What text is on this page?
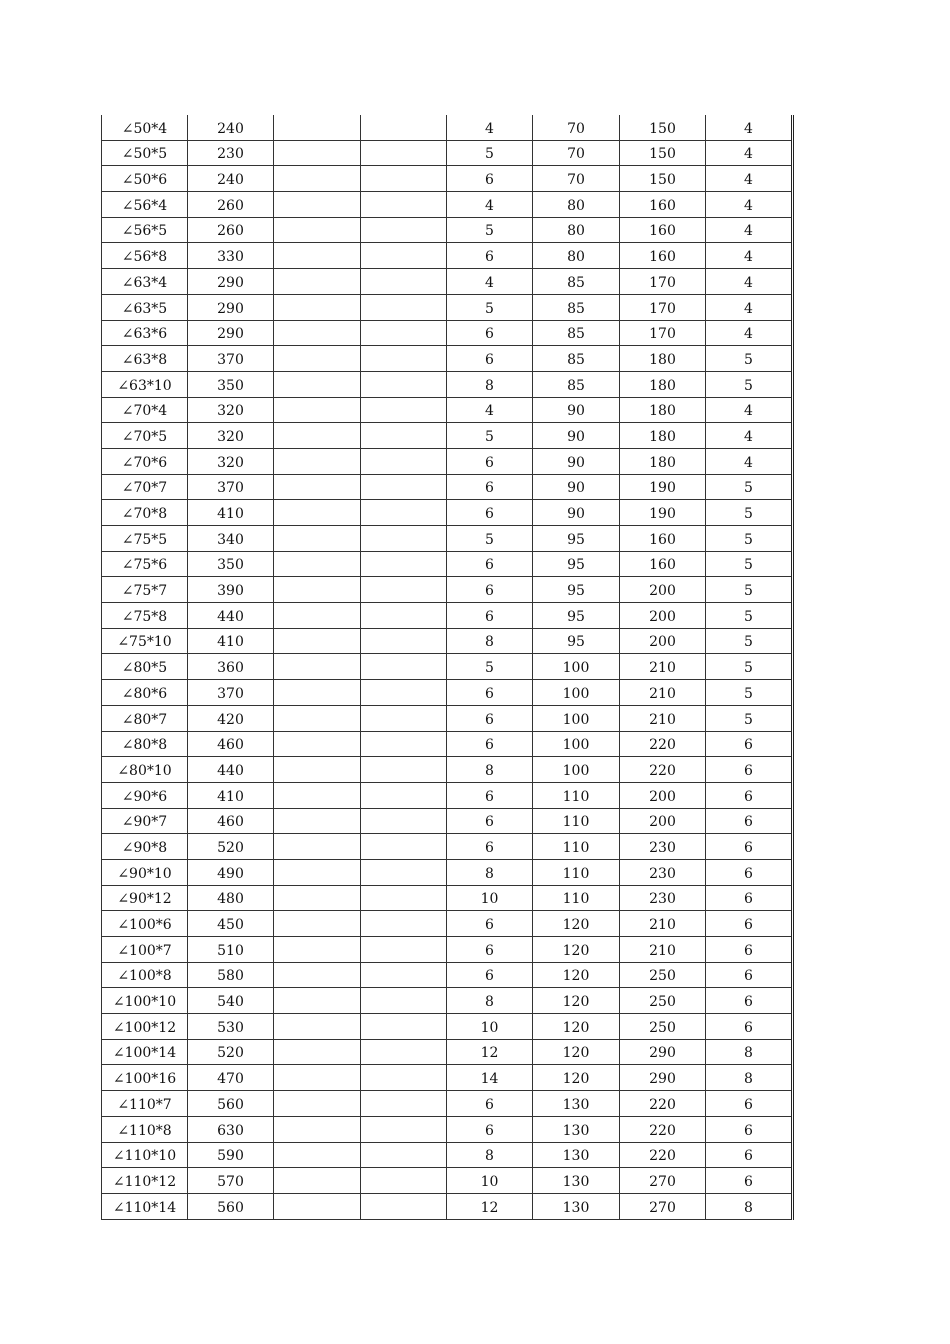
∠50*4	240			4	70	150	4
∠50*5	230			5	70	150	4
∠50*6	240			6	70	150	4
∠56*4	260			4	80	160	4
∠56*5	260			5	80	160	4
∠56*8	330			6	80	160	4
∠63*4	290			4	85	170	4
∠63*5	290			5	85	170	4
∠63*6	290			6	85	170	4
∠63*8	370			6	85	180	5
∠63*10	350			8	85	180	5
∠70*4	320			4	90	180	4
∠70*5	320			5	90	180	4
∠70*6	320			6	90	180	4
∠70*7	370			6	90	190	5
∠70*8	410			6	90	190	5
∠75*5	340			5	95	160	5
∠75*6	350			6	95	160	5
∠75*7	390			6	95	200	5
∠75*8	440			6	95	200	5
∠75*10	410			8	95	200	5
∠80*5	360			5	100	210	5
∠80*6	370			6	100	210	5
∠80*7	420			6	100	210	5
∠80*8	460			6	100	220	6
∠80*10	440			8	100	220	6
∠90*6	410			6	110	200	6
∠90*7	460			6	110	200	6
∠90*8	520			6	110	230	6
∠90*10	490			8	110	230	6
∠90*12	480			10	110	230	6
∠100*6	450			6	120	210	6
∠100*7	510			6	120	210	6
∠100*8	580			6	120	250	6
∠100*10	540			8	120	250	6
∠100*12	530			10	120	250	6
∠100*14	520			12	120	290	8
∠100*16	470			14	120	290	8
∠110*7	560			6	130	220	6
∠110*8	630			6	130	220	6
∠110*10	590			8	130	220	6
∠110*12	570			10	130	270	6
∠110*14	560			12	130	270	8
